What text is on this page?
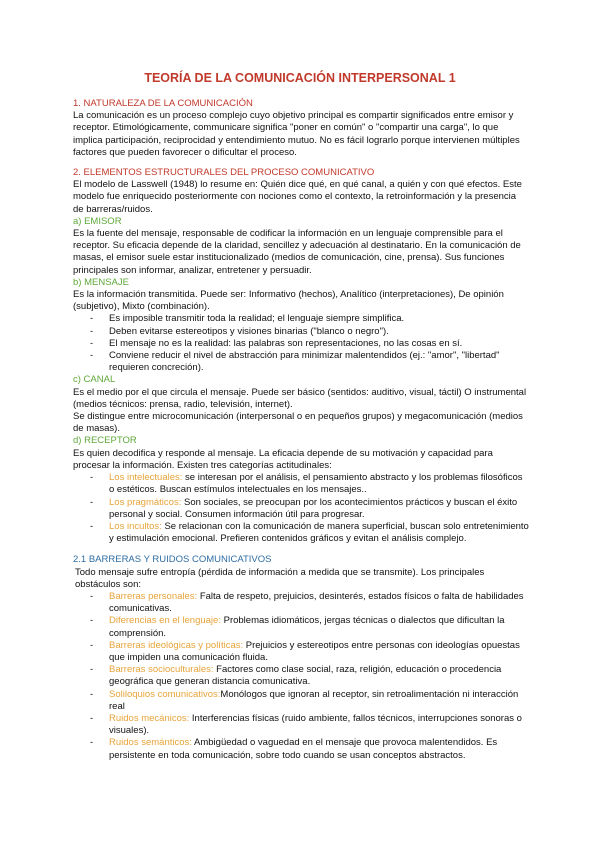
TEORÍA DE LA COMUNICACIÓN INTERPERSONAL 1

1. NATURALEZA DE LA COMUNICACIÓN

La comunicación es un proceso complejo cuyo objetivo principal es compartir significados entre emisor y receptor. Etimológicamente, communicare significa "poner en común" o "compartir una carga", lo que implica participación, reciprocidad y entendimiento mutuo. No es fácil lograrlo porque intervienen múltiples factores que pueden favorecer o dificultar el proceso.

2. ELEMENTOS ESTRUCTURALES DEL PROCESO COMUNICATIVO

El modelo de Lasswell (1948) lo resume en: Quién dice qué, en qué canal, a quién y con qué efectos. Este modelo fue enriquecido posteriormente con nociones como el contexto, la retroinformación y la presencia de barreras/ruidos.

a) EMISOR

Es la fuente del mensaje, responsable de codificar la información en un lenguaje comprensible para el receptor. Su eficacia depende de la claridad, sencillez y adecuación al destinatario. En la comunicación de masas, el emisor suele estar institucionalizado (medios de comunicación, cine, prensa). Sus funciones principales son informar, analizar, entretener y persuadir.

b) MENSAJE

Es la información transmitida. Puede ser: Informativo (hechos), Analítico (interpretaciones), De opinión (subjetivo), Mixto (combinación).

- Es imposible transmitir toda la realidad; el lenguaje siempre simplifica.
- Deben evitarse estereotipos y visiones binarias ("blanco o negro").
- El mensaje no es la realidad: las palabras son representaciones, no las cosas en sí.
- Conviene reducir el nivel de abstracción para minimizar malentendidos (ej.: "amor", "libertad" requieren concreción).

c) CANAL

Es el medio por el que circula el mensaje. Puede ser básico (sentidos: auditivo, visual, táctil) O instrumental (medios técnicos: prensa, radio, televisión, internet).

Se distingue entre microcomunicación (interpersonal o en pequeños grupos) y megacomunicación (medios de masas).

d) RECEPTOR

Es quien decodifica y responde al mensaje. La eficacia depende de su motivación y capacidad para procesar la información. Existen tres categorías actitudinales:

- Los intelectuales: se interesan por el análisis, el pensamiento abstracto y los problemas filosóficos o estéticos. Buscan estímulos intelectuales en los mensajes..
- Los pragmáticos: Son sociales, se preocupan por los acontecimientos prácticos y buscan el éxito personal y social. Consumen información útil para progresar.
- Los incultos: Se relacionan con la comunicación de manera superficial, buscan solo entretenimiento y estimulación emocional. Prefieren contenidos gráficos y evitan el análisis complejo.

2.1 BARRERAS Y RUIDOS COMUNICATIVOS

Todo mensaje sufre entropía (pérdida de información a medida que se transmite). Los principales obstáculos son:

- Barreras personales: Falta de respeto, prejuicios, desinterés, estados físicos o falta de habilidades comunicativas.
- Diferencias en el lenguaje: Problemas idiomáticos, jergas técnicas o dialectos que dificultan la comprensión.
- Barreras ideológicas y políticas: Prejuicios y estereotipos entre personas con ideologías opuestas que impiden una comunicación fluida.
- Barreras socioculturales: Factores como clase social, raza, religión, educación o procedencia geográfica que generan distancia comunicativa.
- Soliloquios comunicativos:Monólogos que ignoran al receptor, sin retroalimentación ni interacción real
- Ruidos mecánicos: Interferencias físicas (ruido ambiente, fallos técnicos, interrupciones sonoras o visuales).
- Ruidos semánticos: Ambigüedad o vaguedad en el mensaje que provoca malentendidos. Es persistente en toda comunicación, sobre todo cuando se usan conceptos abstractos.
